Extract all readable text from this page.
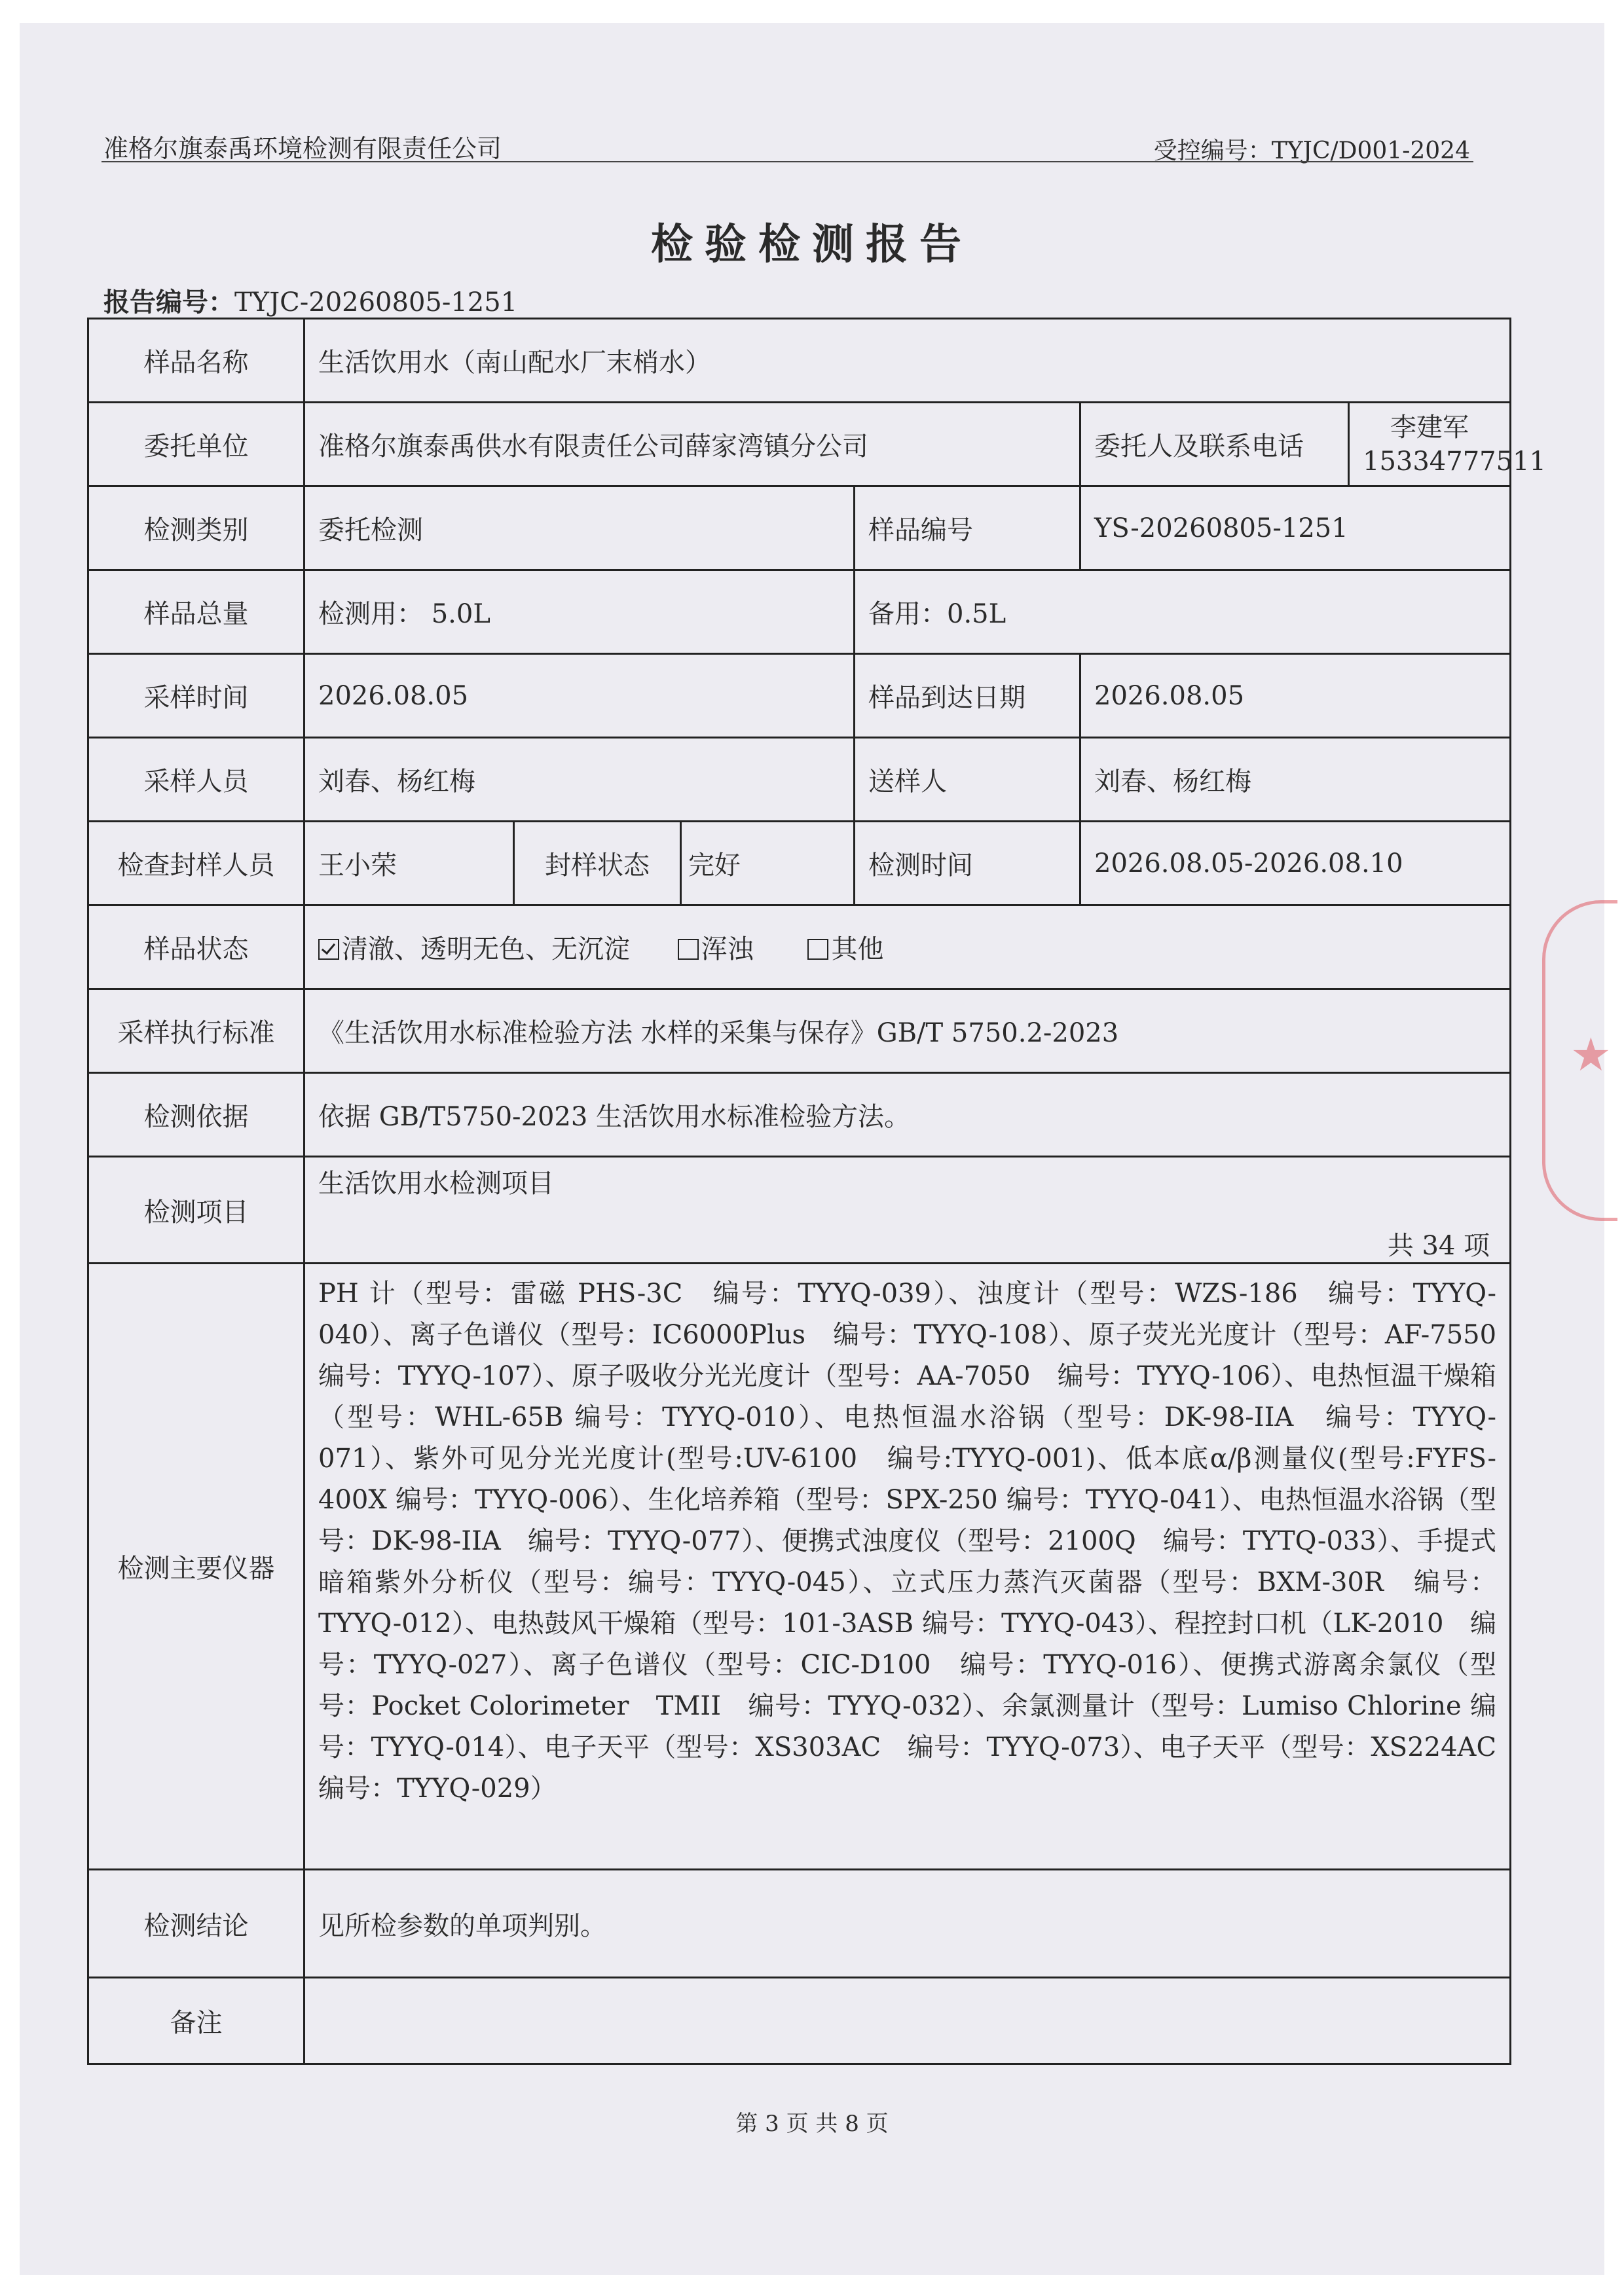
准格尔旗泰禹环境检测有限责任公司	受控编号：TYJC/D001-2024
检验检测报告
报告编号：TYJC-20260805-1251
样品名称	生活饮用水（南山配水厂末梢水）					
委托单位	准格尔旗泰禹供水有限责任公司薛家湾镇分公司				委托人及联系电话	李建军
15334777511

检测类别	委托检测			样品编号	YS-20260805-1251	
样品总量	检测用： 5.0L			备用：0.5L		
采样时间	2026.08.05			样品到达日期	2026.08.05	
采样人员	刘春、杨红梅			送样人	刘春、杨红梅	
检查封样人员	王小荣	封样状态	完好	检测时间	2026.08.05-2026.08.10	
样品状态	清澈、透明无色、无沉淀 浑浊 其他					
采样执行标准	《生活饮用水标准检验方法 水样的采集与保存》GB/T 5750.2-2023					
检测依据	依据 GB/T5750-2023 生活饮用水标准检验方法。					
检测项目	生活饮用水检测项目
共 34 项					

检测主要仪器	PH 计（型号：雷磁 PHS-3C　编号：TYYQ-039）、浊度计（型号：WZS-186　编号：TYYQ-040）、离子色谱仪（型号：IC6000Plus　编号：TYYQ-108）、原子荧光光度计（型号：AF-7550　编号：TYYQ-107）、原子吸收分光光度计（型号：AA-7050　编号：TYYQ-106）、电热恒温干燥箱（型号：WHL-65B 编号：TYYQ-010）、电热恒温水浴锅（型号：DK-98-IIA　编号：TYYQ-071）、紫外可见分光光度计(型号:UV-6100　编号:TYYQ-001)、低本底α/β测量仪(型号:FYFS-400X 编号：TYYQ-006）、生化培养箱（型号：SPX-250 编号：TYYQ-041）、电热恒温水浴锅（型号：DK-98-IIA　编号：TYYQ-077）、便携式浊度仪（型号：2100Q　编号：TYTQ-033）、手提式暗箱紫外分析仪（型号：编号：TYYQ-045）、立式压力蒸汽灭菌器（型号：BXM-30R　编号：TYYQ-012）、电热鼓风干燥箱（型号：101-3ASB 编号：TYYQ-043）、程控封口机（LK-2010　编号：TYYQ-027）、离子色谱仪（型号：CIC-D100　编号：TYYQ-016）、便携式游离余氯仪（型号：Pocket Colorimeter　TMII　编号：TYYQ-032）、余氯测量计（型号：Lumiso Chlorine 编号：TYYQ-014）、电子天平（型号：XS303AC　编号：TYYQ-073）、电子天平（型号：XS224AC 编号：TYYQ-029）					
检测结论	见所检参数的单项判别。					
备注						
★
第 3 页 共 8 页
